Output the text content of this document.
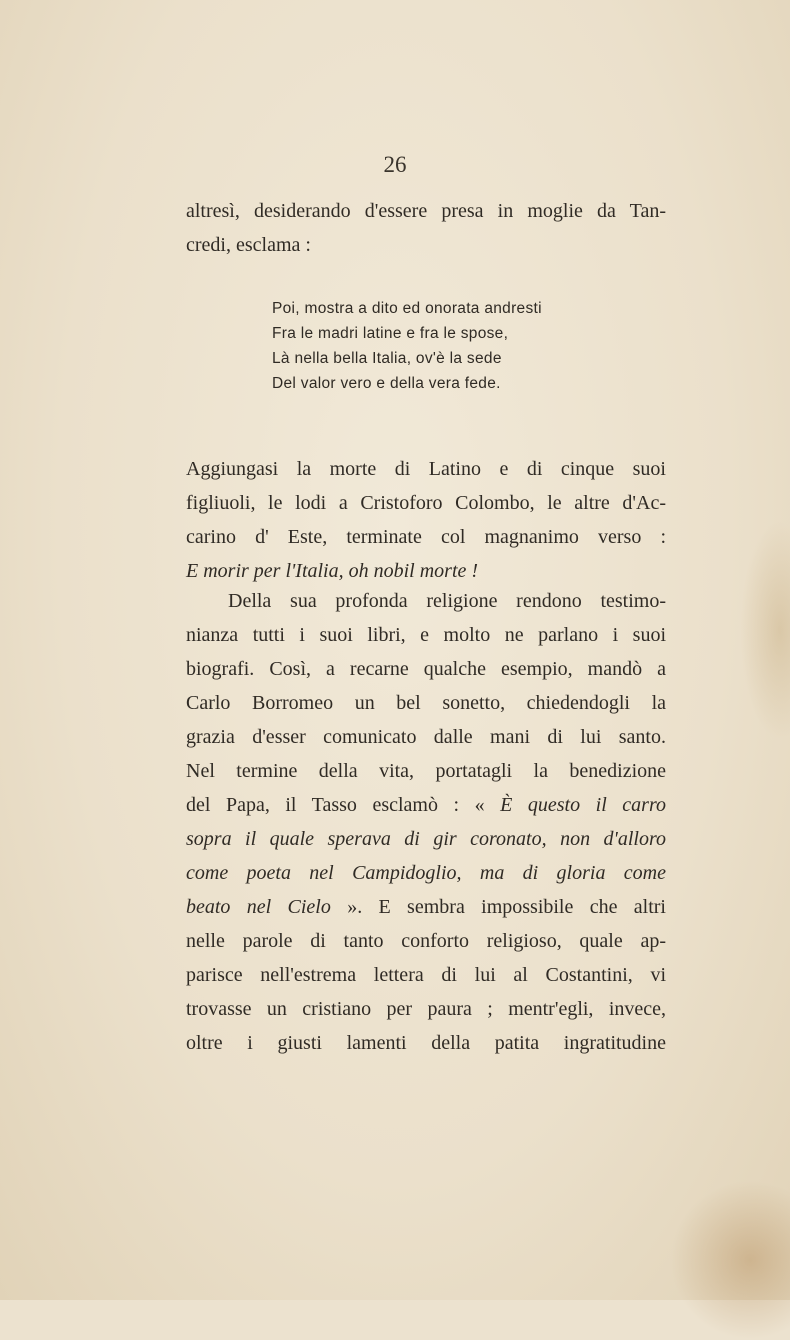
26
altresì, desiderando d'essere presa in moglie da Tan-
credi, esclama :
Poi, mostra a dito ed onorata andresti
Fra le madri latine e fra le spose,
Là nella bella Italia, ov'è la sede
Del valor vero e della vera fede.
Aggiungasi la morte di Latino e di cinque suoi
figliuoli, le lodi a Cristoforo Colombo, le altre d'Ac-
carino d' Este, terminate col magnanimo verso :
E morir per l'Italia, oh nobil morte !
Della sua profonda religione rendono testimo-
nianza tutti i suoi libri, e molto ne parlano i suoi
biografi. Così, a recarne qualche esempio, mandò a
Carlo Borromeo un bel sonetto, chiedendogli la
grazia d'esser comunicato dalle mani di lui santo.
Nel termine della vita, portatagli la benedizione
del Papa, il Tasso esclamò : « È questo il carro
sopra il quale sperava di gir coronato, non d'alloro
come poeta nel Campidoglio, ma di gloria come
beato nel Cielo ». E sembra impossibile che altri
nelle parole di tanto conforto religioso, quale ap-
parisce nell'estrema lettera di lui al Costantini, vi
trovasse un cristiano per paura ; mentr'egli, invece,
oltre i giusti lamenti della patita ingratitudine
